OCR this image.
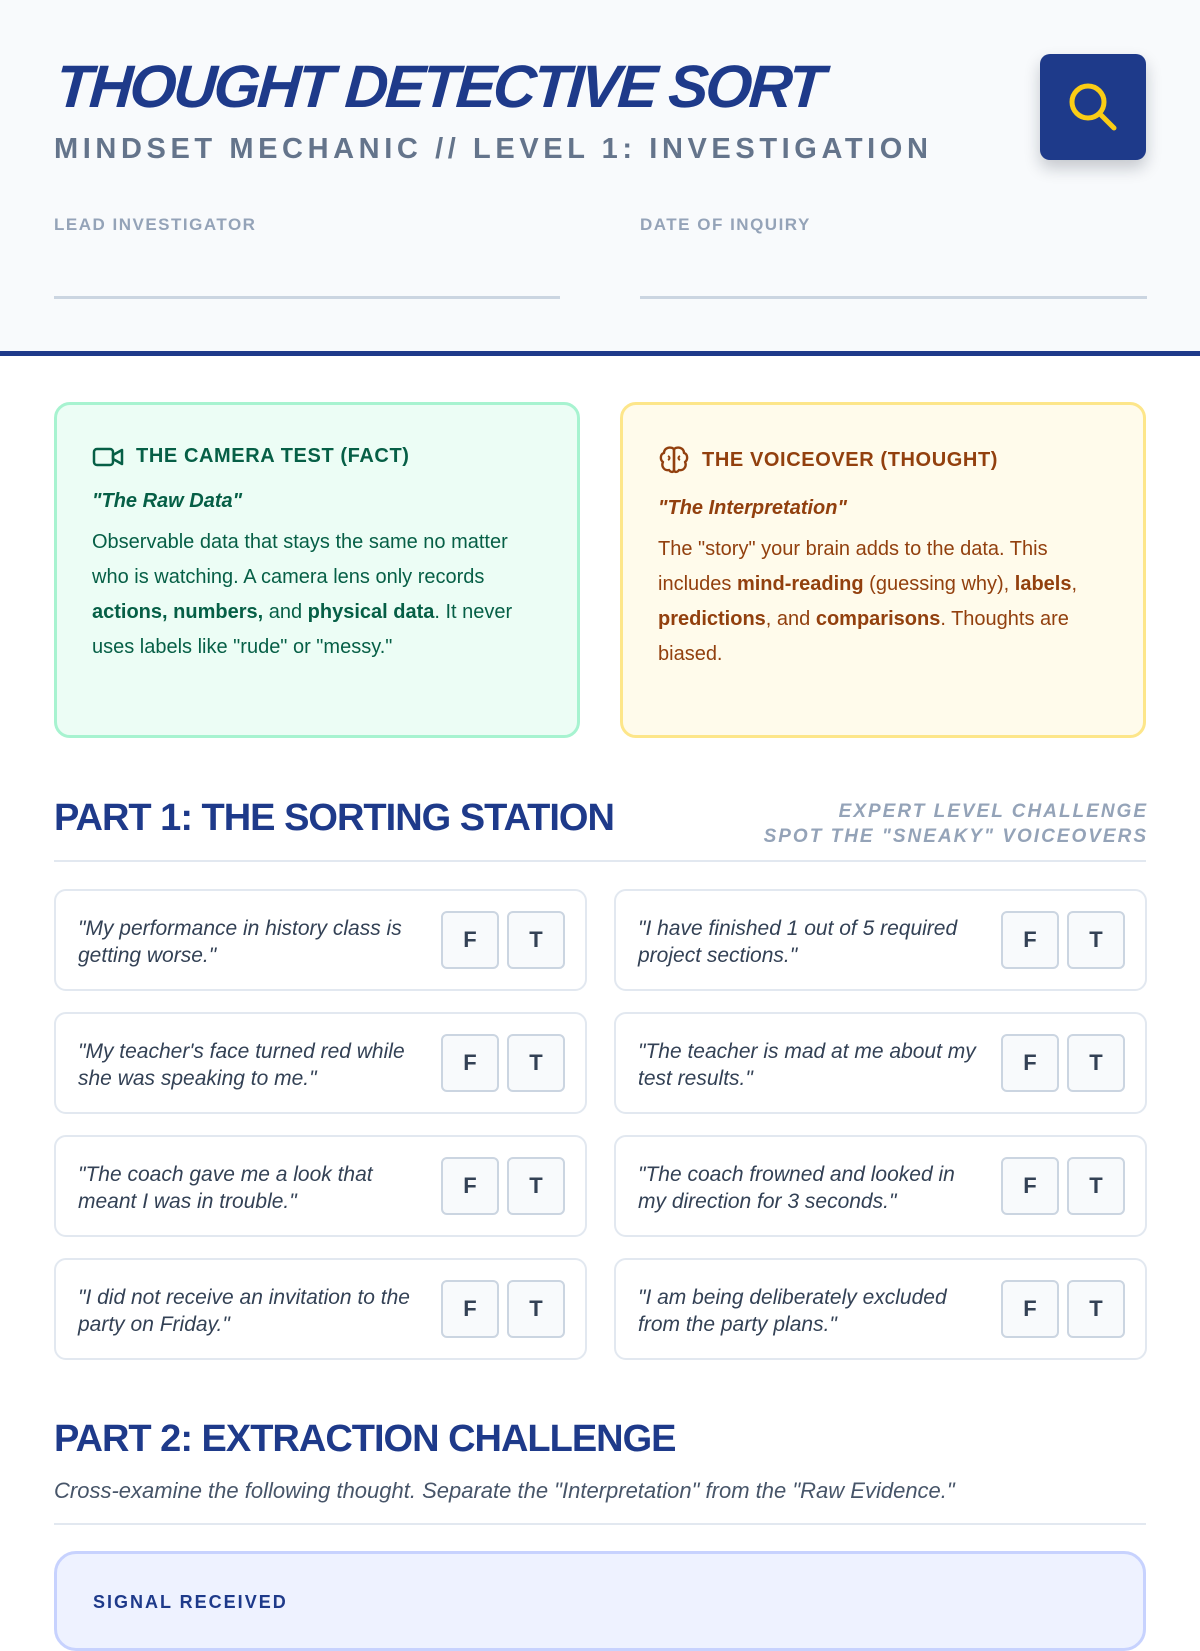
THOUGHT DETECTIVE SORT
MINDSET MECHANIC // LEVEL 1: INVESTIGATION
LEAD INVESTIGATOR	DATE OF INQUIRY
THE CAMERA TEST (FACT)
"The Raw Data"
Observable data that stays the same no matter who is watching. A camera lens only records actions, numbers, and physical data. It never uses labels like "rude" or "messy."
THE VOICEOVER (THOUGHT)
"The Interpretation"
The "story" your brain adds to the data. This includes mind-reading (guessing why), labels, predictions, and comparisons. Thoughts are biased.
PART 1: THE SORTING STATION	EXPERT LEVEL CHALLENGE
SPOT THE "SNEAKY" VOICEOVERS
"My performance in history class is getting worse."
F	T	"I have finished 1 out of 5 required project sections."
F	T
"My teacher's face turned red while she was speaking to me."
F	T	"The teacher is mad at me about my test results."
F	T
"The coach gave me a look that meant I was in trouble."
F	T	"The coach frowned and looked in my direction for 3 seconds."
F	T
"I did not receive an invitation to the party on Friday."
F	T	"I am being deliberately excluded from the party plans."
F	T
PART 2: EXTRACTION CHALLENGE
Cross-examine the following thought. Separate the "Interpretation" from the "Raw Evidence."
SIGNAL RECEIVED
